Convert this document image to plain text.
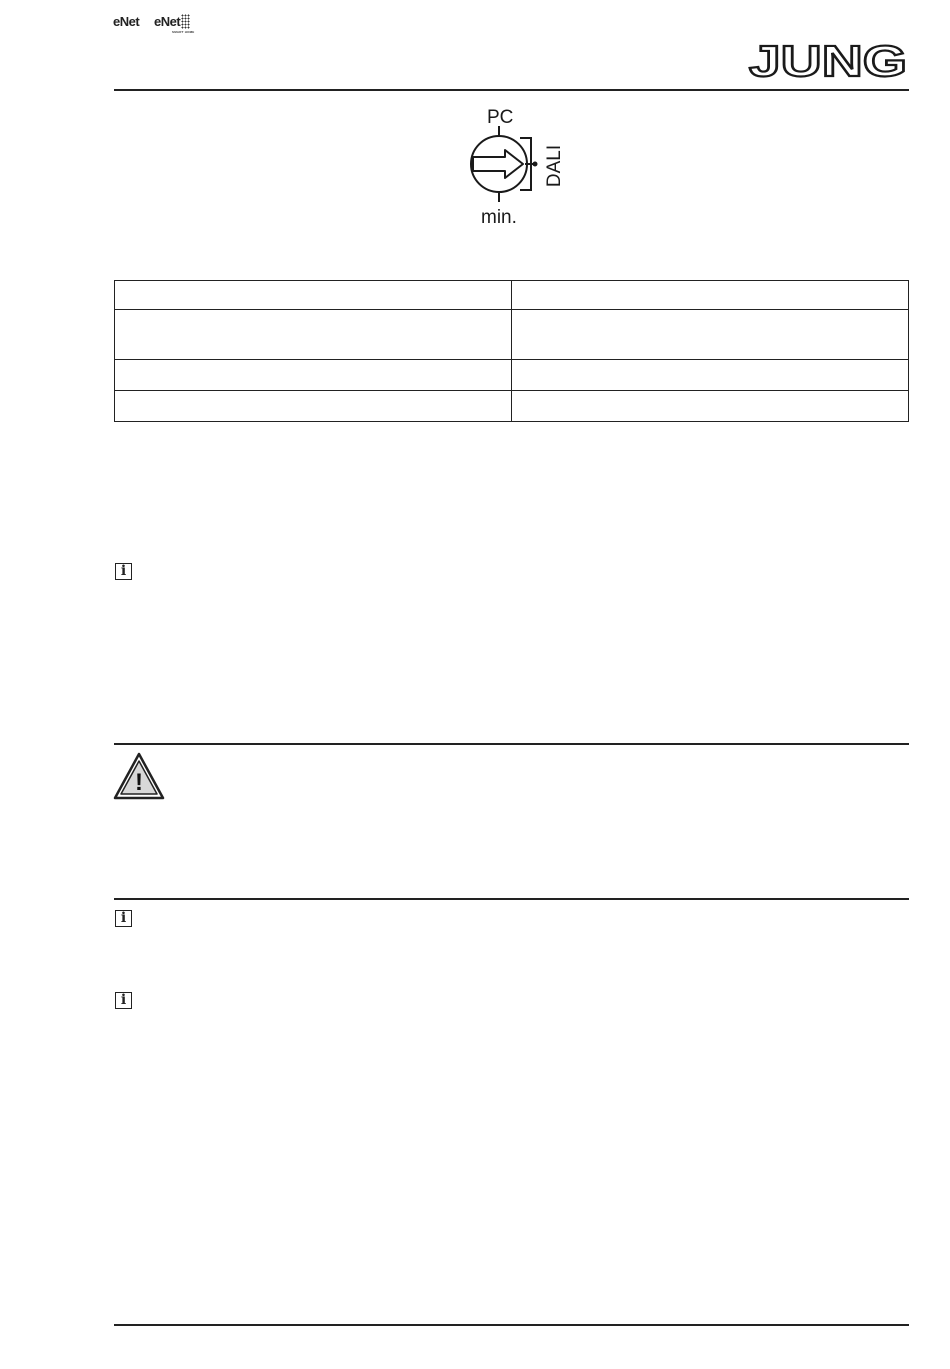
eNet eNet
SMART HOME
JUNG
PC
DALI
min.

i
!
i
i
